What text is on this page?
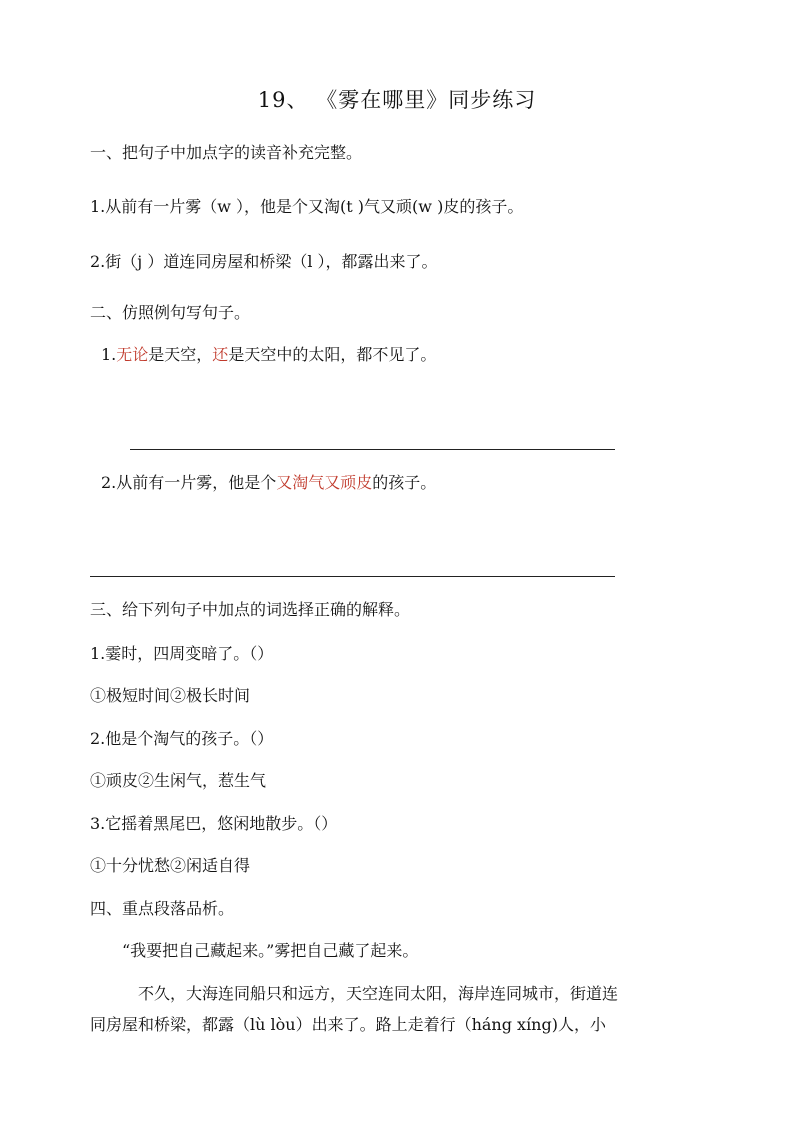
19、 《雾在哪里》同步练习
一、把句子中加点字的读音补充完整。
1.从前有一片雾（w ），他是个又淘(t )气又顽(w )皮的孩子。
2.街（j ）道连同房屋和桥梁（l ），都露出来了。
二、仿照例句写句子。
1.无论是天空，还是天空中的太阳，都不见了。
2.从前有一片雾，他是个又淘气又顽皮的孩子。
三、给下列句子中加点的词选择正确的解释。
1.霎时，四周变暗了。（）
①极短时间②极长时间
2.他是个淘气的孩子。（）
①顽皮②生闲气，惹生气
3.它摇着黑尾巴，悠闲地散步。（）
①十分忧愁②闲适自得
四、重点段落品析。
“我要把自己藏起来。”雾把自己藏了起来。
不久，大海连同船只和远方，天空连同太阳，海岸连同城市，街道连
同房屋和桥梁，都露（lù lòu）出来了。路上走着行（háng xíng)人，小
